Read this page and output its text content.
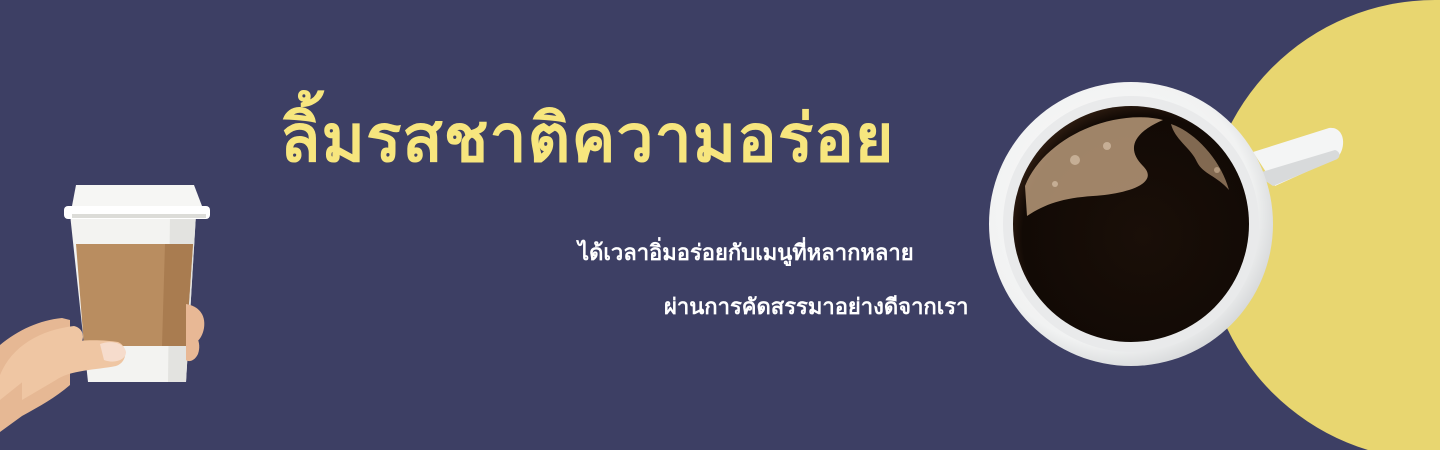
ลิ้มรสชาติความอร่อย

ได้เวลาอิ่มอร่อยกับเมนูที่หลากหลาย

ผ่านการคัดสรรมาอย่างดีจากเรา
